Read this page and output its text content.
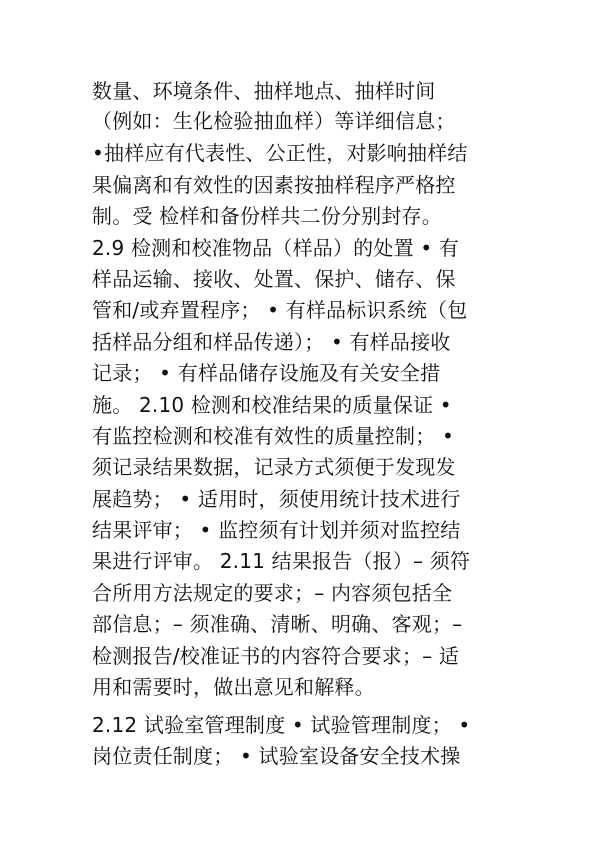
数量、环境条件、抽样地点、抽样时间
（例如：生化检验抽血样）等详细信息；
•抽样应有代表性、公正性，对影响抽样结
果偏离和有效性的因素按抽样程序严格控
制。受 检样和备份样共二份分别封存。
2.9 检测和校准物品（样品）的处置 • 有
样品运输、接收、处置、保护、储存、保
管和/或弃置程序； • 有样品标识系统（包
括样品分组和样品传递）； • 有样品接收
记录； • 有样品储存设施及有关安全措
施。 2.10 检测和校准结果的质量保证 •
有监控检测和校准有效性的质量控制； •
须记录结果数据，记录方式须便于发现发
展趋势； • 适用时，须使用统计技术进行
结果评审； • 监控须有计划并须对监控结
果进行评审。 2.11 结果报告（报）– 须符
合所用方法规定的要求；– 内容须包括全
部信息；– 须准确、清晰、明确、客观；–
检测报告/校准证书的内容符合要求；– 适
用和需要时，做出意见和解释。
2.12 试验室管理制度 • 试验管理制度； •
岗位责任制度； • 试验室设备安全技术操
